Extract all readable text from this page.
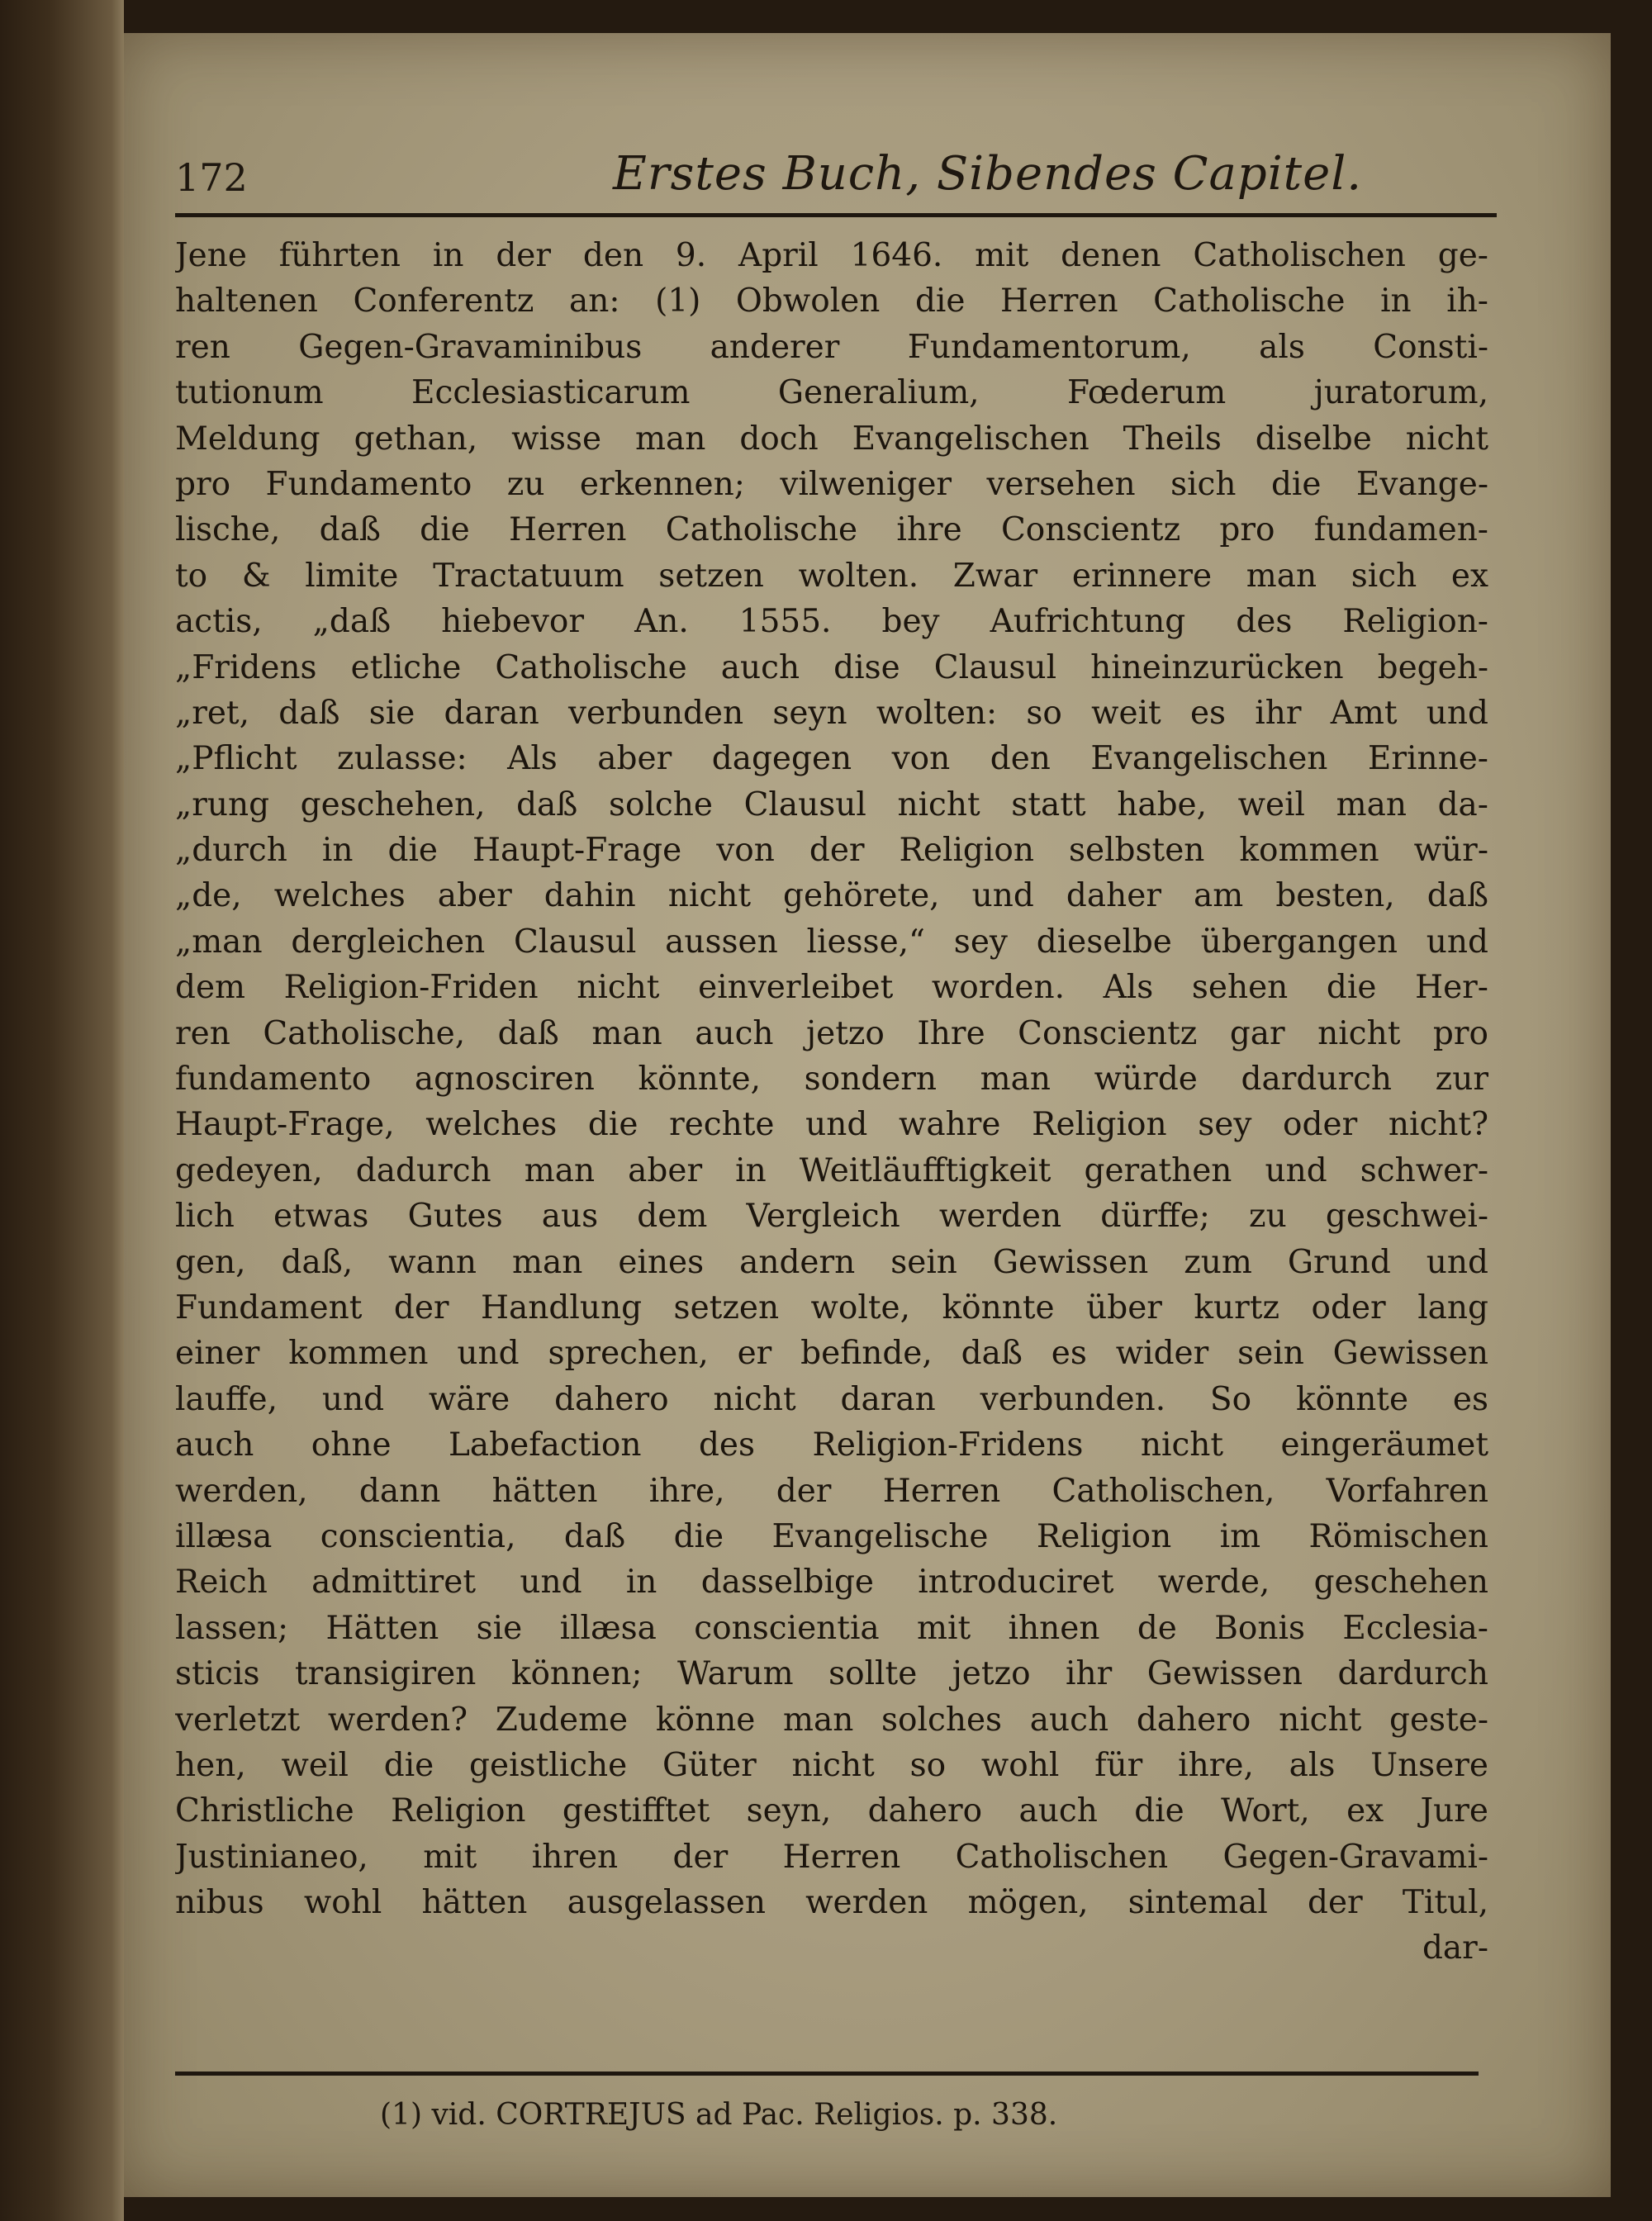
172	Erstes Buch, Sibendes Capitel.
Jene führten in der den 9. April 1646. mit denen Catholischen ge-
haltenen Conferentz an: (1) Obwolen die Herren Catholische in ih-
ren Gegen-Gravaminibus anderer Fundamentorum, als Consti-
tutionum Ecclesiasticarum Generalium, Fœderum juratorum,
Meldung gethan, wisse man doch Evangelischen Theils diselbe nicht
pro Fundamento zu erkennen; vilweniger versehen sich die Evange-
lische, daß die Herren Catholische ihre Conscientz pro fundamen-
to & limite Tractatuum setzen wolten. Zwar erinnere man sich ex
actis, „daß hiebevor An. 1555. bey Aufrichtung des Religion-
„Fridens etliche Catholische auch dise Clausul hineinzurücken begeh-
„ret, daß sie daran verbunden seyn wolten: so weit es ihr Amt und
„Pflicht zulasse: Als aber dagegen von den Evangelischen Erinne-
„rung geschehen, daß solche Clausul nicht statt habe, weil man da-
„durch in die Haupt-Frage von der Religion selbsten kommen wür-
„de, welches aber dahin nicht gehörete, und daher am besten, daß
„man dergleichen Clausul aussen liesse,“ sey dieselbe übergangen und
dem Religion-Friden nicht einverleibet worden. Als sehen die Her-
ren Catholische, daß man auch jetzo Ihre Conscientz gar nicht pro
fundamento agnosciren könnte, sondern man würde dardurch zur
Haupt-Frage, welches die rechte und wahre Religion sey oder nicht?
gedeyen, dadurch man aber in Weitläufftigkeit gerathen und schwer-
lich etwas Gutes aus dem Vergleich werden dürffe; zu geschwei-
gen, daß, wann man eines andern sein Gewissen zum Grund und
Fundament der Handlung setzen wolte, könnte über kurtz oder lang
einer kommen und sprechen, er befinde, daß es wider sein Gewissen
lauffe, und wäre dahero nicht daran verbunden. So könnte es
auch ohne Labefaction des Religion-Fridens nicht eingeräumet
werden, dann hätten ihre, der Herren Catholischen, Vorfahren
illæsa conscientia, daß die Evangelische Religion im Römischen
Reich admittiret und in dasselbige introduciret werde, geschehen
lassen; Hätten sie illæsa conscientia mit ihnen de Bonis Ecclesia-
sticis transigiren können; Warum sollte jetzo ihr Gewissen dardurch
verletzt werden? Zudeme könne man solches auch dahero nicht geste-
hen, weil die geistliche Güter nicht so wohl für ihre, als Unsere
Christliche Religion gestifftet seyn, dahero auch die Wort, ex Jure
Justinianeo, mit ihren der Herren Catholischen Gegen-Gravami-
nibus wohl hätten ausgelassen werden mögen, sintemal der Titul,
dar-
(1) vid. CORTREJUS ad Pac. Religios. p. 338.
